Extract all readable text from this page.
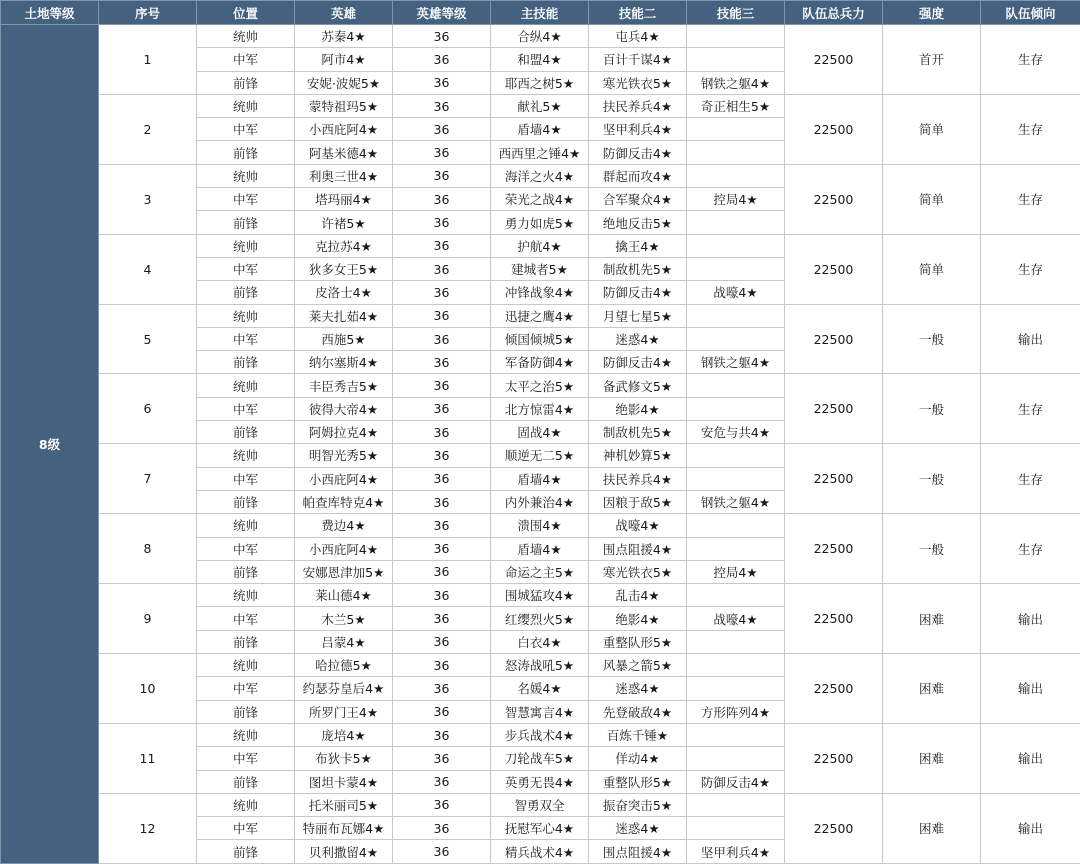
土地等级	序号	位置	英雄	英雄等级	主技能	技能二	技能三	队伍总兵力	强度	队伍倾向
8级	1	统帅	苏秦4★	36	合纵4★	屯兵4★		22500	首开	生存
		中军	阿市4★	36	和盟4★	百计千谋4★				
		前锋	安妮·波妮5★	36	耶西之树5★	寒光铁衣5★	钢铁之躯4★			
	2	统帅	蒙特祖玛5★	36	献礼5★	扶民养兵4★	奇正相生5★	22500	简单	生存
		中军	小西庇阿4★	36	盾墙4★	坚甲利兵4★				
		前锋	阿基米德4★	36	西西里之锤4★	防御反击4★				
	3	统帅	利奥三世4★	36	海洋之火4★	群起而攻4★		22500	简单	生存
		中军	塔玛丽4★	36	荣光之战4★	合军聚众4★	控局4★			
		前锋	许褚5★	36	勇力如虎5★	绝地反击5★				
	4	统帅	克拉苏4★	36	护航4★	擒王4★		22500	简单	生存
		中军	狄多女王5★	36	建城者5★	制敌机先5★				
		前锋	皮洛士4★	36	冲锋战象4★	防御反击4★	战嚎4★			
	5	统帅	莱夫扎茹4★	36	迅捷之鹰4★	月望七星5★		22500	一般	输出
		中军	西施5★	36	倾国倾城5★	迷惑4★				
		前锋	纳尔塞斯4★	36	军备防御4★	防御反击4★	钢铁之躯4★			
	6	统帅	丰臣秀吉5★	36	太平之治5★	备武修文5★		22500	一般	生存
		中军	彼得大帝4★	36	北方惊雷4★	绝影4★				
		前锋	阿姆拉克4★	36	固战4★	制敌机先5★	安危与共4★			
	7	统帅	明智光秀5★	36	顺逆无二5★	神机妙算5★		22500	一般	生存
		中军	小西庇阿4★	36	盾墙4★	扶民养兵4★				
		前锋	帕查库特克4★	36	内外兼治4★	因粮于敌5★	钢铁之躯4★			
	8	统帅	费边4★	36	溃围4★	战嚎4★		22500	一般	生存
		中军	小西庇阿4★	36	盾墙4★	围点阻援4★				
		前锋	安娜恩津加5★	36	命运之主5★	寒光铁衣5★	控局4★			
	9	统帅	莱山德4★	36	围城猛攻4★	乱击4★		22500	困难	输出
		中军	木兰5★	36	红缨烈火5★	绝影4★	战嚎4★			
		前锋	吕蒙4★	36	白衣4★	重整队形5★				
	10	统帅	哈拉德5★	36	怒涛战吼5★	风暴之箭5★		22500	困难	输出
		中军	约瑟芬皇后4★	36	名媛4★	迷惑4★				
		前锋	所罗门王4★	36	智慧寓言4★	先登破敌4★	方形阵列4★			
	11	统帅	庞培4★	36	步兵战术4★	百炼千锤★		22500	困难	输出
		中军	布狄卡5★	36	刀轮战车5★	佯动4★				
		前锋	图坦卡蒙4★	36	英勇无畏4★	重整队形5★	防御反击4★			
	12	统帅	托米丽司5★	36	智勇双全	振奋突击5★		22500	困难	输出
		中军	特丽布瓦娜4★	36	抚慰军心4★	迷惑4★				
		前锋	贝利撒留4★	36	精兵战术4★	围点阻援4★	坚甲利兵4★			
